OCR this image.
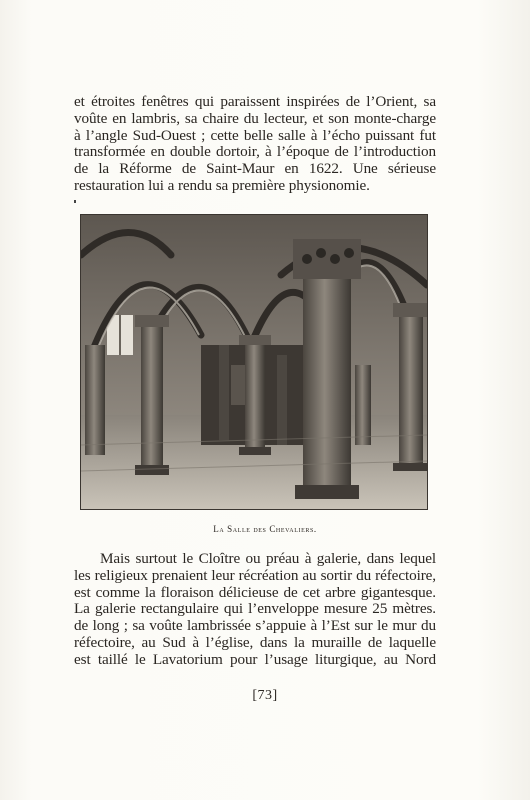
et étroites fenêtres qui paraissent inspirées de l’Orient, sa
voûte en lambris, sa chaire du lecteur, et son monte-charge
à l’angle Sud-Ouest ; cette belle salle à l’écho puissant fut
transformée en double dortoir, à l’époque de l’introduction
de la Réforme de Saint-Maur en 1622. Une sérieuse
restauration lui a rendu sa première physionomie.
La Salle des Chevaliers.
Mais surtout le Cloître ou préau à galerie, dans lequel
les religieux prenaient leur récréation au sortir du réfectoire,
est comme la floraison délicieuse de cet arbre gigantesque.
La galerie rectangulaire qui l’enveloppe mesure 25 mètres.
de long ; sa voûte lambrissée s’appuie à l’Est sur le mur du
réfectoire, au Sud à l’église, dans la muraille de laquelle
est taillé le Lavatorium pour l’usage liturgique, au Nord
[73]
